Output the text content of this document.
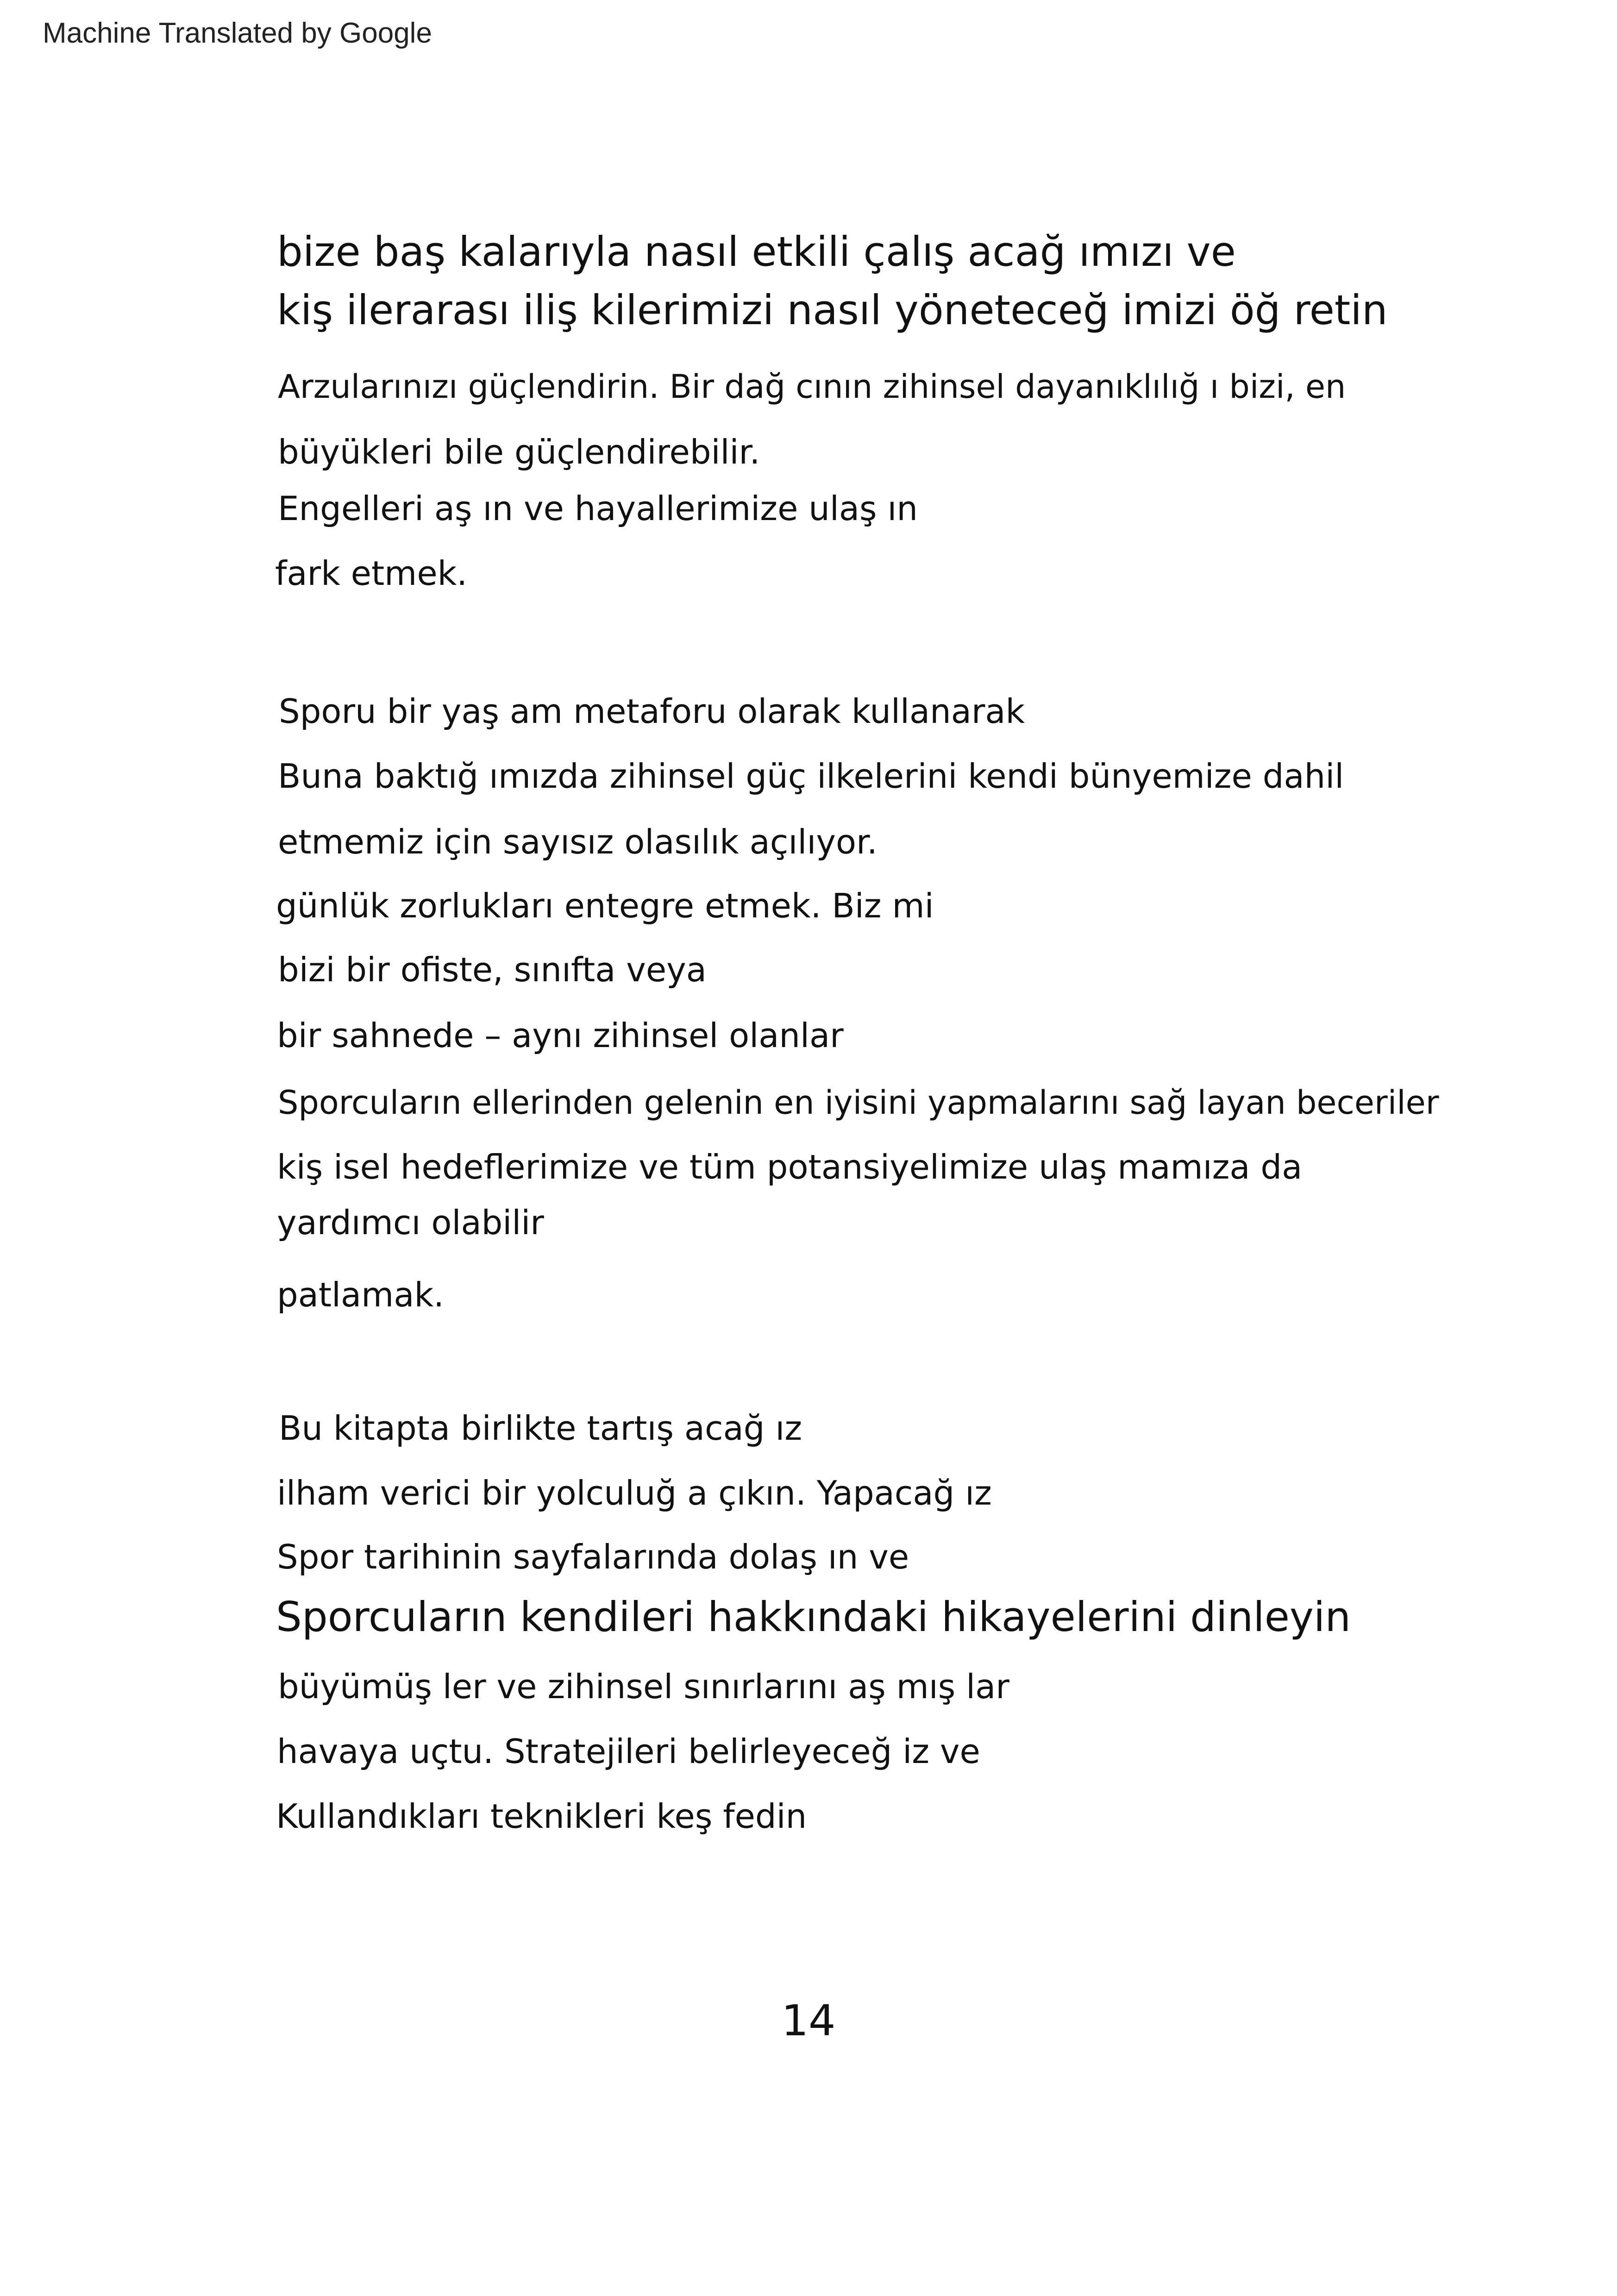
Machine Translated by Google
bize baş kalarıyla nasıl etkili çalış acağ ımızı ve
kiş ilerarası iliş kilerimizi nasıl yöneteceğ imizi öğ retin
Arzularınızı güçlendirin. Bir dağ cının zihinsel dayanıklılığ ı bizi, en
büyükleri bile güçlendirebilir.
Engelleri aş ın ve hayallerimize ulaş ın
fark etmek.
Sporu bir yaş am metaforu olarak kullanarak
Buna baktığ ımızda zihinsel güç ilkelerini kendi bünyemize dahil
etmemiz için sayısız olasılık açılıyor.
günlük zorlukları entegre etmek. Biz mi
bizi bir ofiste, sınıfta veya
bir sahnede – aynı zihinsel olanlar
Sporcuların ellerinden gelenin en iyisini yapmalarını sağ layan beceriler
kiş isel hedeflerimize ve tüm potansiyelimize ulaş mamıza da
yardımcı olabilir
patlamak.
Bu kitapta birlikte tartış acağ ız
ilham verici bir yolculuğ a çıkın. Yapacağ ız
Spor tarihinin sayfalarında dolaş ın ve
Sporcuların kendileri hakkındaki hikayelerini dinleyin
büyümüş ler ve zihinsel sınırlarını aş mış lar
havaya uçtu. Stratejileri belirleyeceğ iz ve
Kullandıkları teknikleri keş fedin
14
